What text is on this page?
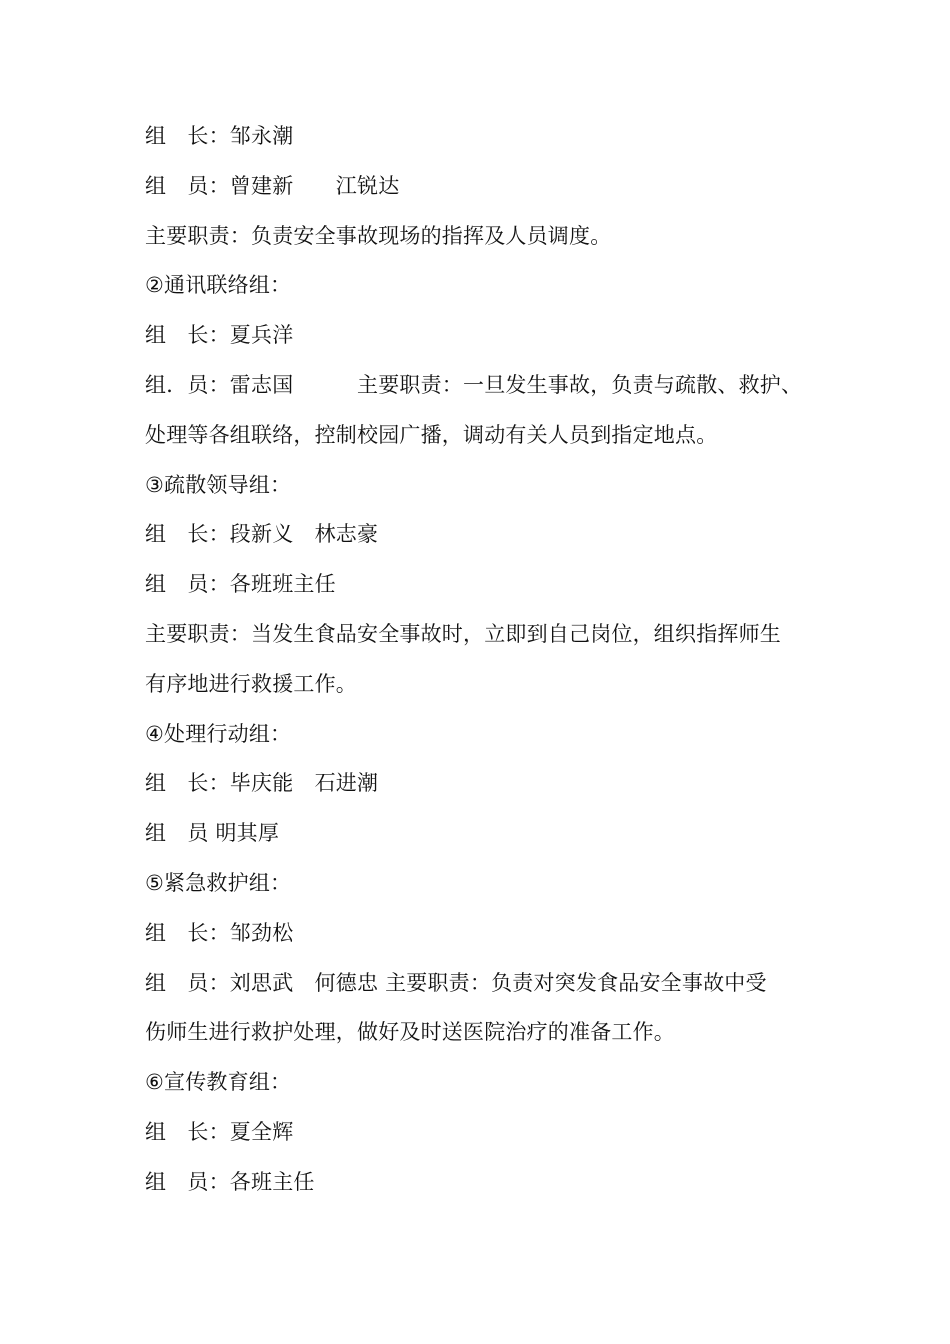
组　长：邹永潮
组　员：曾建新　　江锐达
主要职责：负责安全事故现场的指挥及人员调度。
②通讯联络组：
组　长：夏兵洋
组．员：雷志国　　　主要职责：一旦发生事故，负责与疏散、救护、
处理等各组联络，控制校园广播，调动有关人员到指定地点。
③疏散领导组：
组　长：段新义　林志豪
组　员：各班班主任
主要职责：当发生食品安全事故时，立即到自己岗位，组织指挥师生
有序地进行救援工作。
④处理行动组：
组　长：毕庆能　石进潮
组　员 明其厚
⑤紧急救护组：
组　长：邹劲松
组　员：刘思武　何德忠 主要职责：负责对突发食品安全事故中受
伤师生进行救护处理，做好及时送医院治疗的准备工作。
⑥宣传教育组：
组　长：夏全辉
组　员：各班主任
